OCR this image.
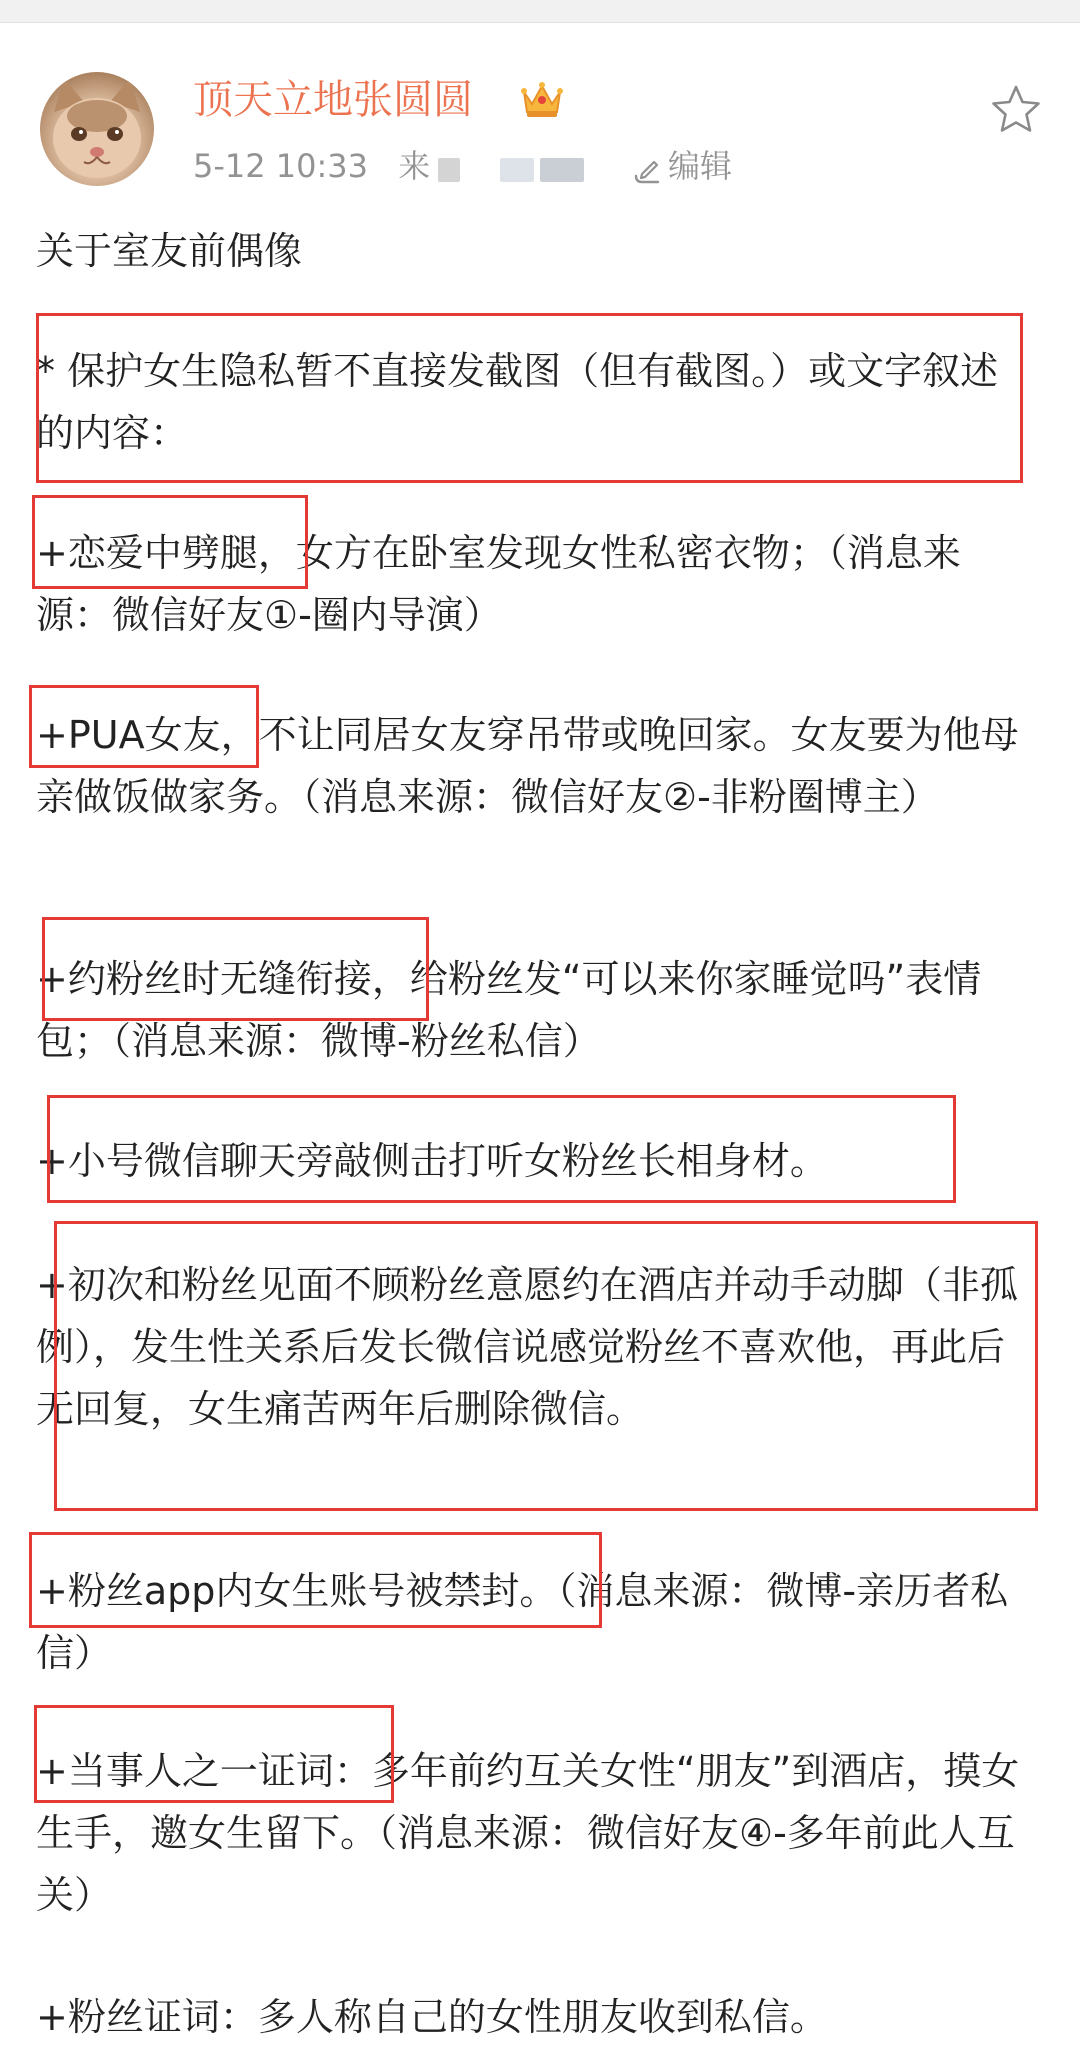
顶天立地张圆圆
5-12 10:33 来	编辑

关于室友前偶像

* 保护女生隐私暂不直接发截图（但有截图。）或文字叙述的内容：

+恋爱中劈腿，女方在卧室发现女性私密衣物；（消息来源：微信好友①-圈内导演）

+PUA女友，不让同居女友穿吊带或晚回家。女友要为他母亲做饭做家务。（消息来源：微信好友②-非粉圈博主）

+约粉丝时无缝衔接，给粉丝发“可以来你家睡觉吗”表情包；（消息来源：微博-粉丝私信）

+小号微信聊天旁敲侧击打听女粉丝长相身材。

+初次和粉丝见面不顾粉丝意愿约在酒店并动手动脚（非孤例），发生性关系后发长微信说感觉粉丝不喜欢他，再此后无回复，女生痛苦两年后删除微信。

+粉丝app内女生账号被禁封。（消息来源：微博-亲历者私信）

+当事人之一证词：多年前约互关女性“朋友”到酒店，摸女生手，邀女生留下。（消息来源：微信好友④-多年前此人互关）

+粉丝证词：多人称自己的女性朋友收到私信。
